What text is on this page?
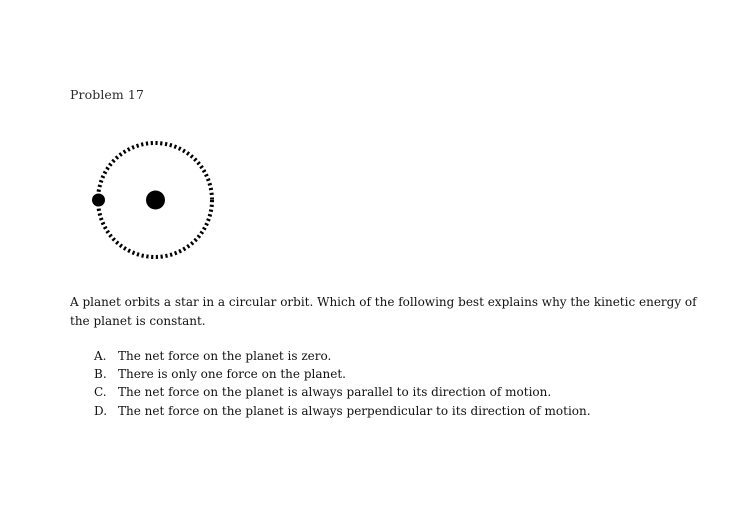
Problem 17
A planet orbits a star in a circular orbit. Which of the following best explains why the kinetic energy of the planet is constant.
A. The net force on the planet is zero.
B. There is only one force on the planet.
C. The net force on the planet is always parallel to its direction of motion.
D. The net force on the planet is always perpendicular to its direction of motion.
